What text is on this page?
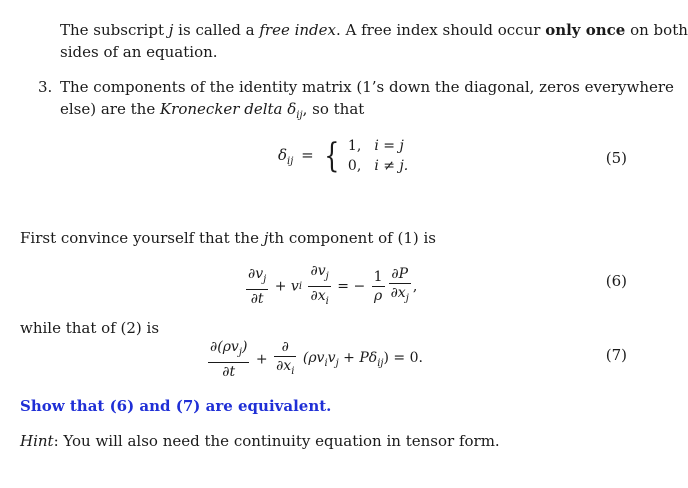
The subscript j is called a free index. A free index should occur only once on both
sides of an equation.
3. The components of the identity matrix (1’s down the diagonal, zeros everywhere
else) are the Kronecker delta $\delta_{ij}$, so that
$\delta_{ij}$ = { 1, i = j
0, i ≠ j.	(5)
First convince yourself that the jth component of (1) is
$\frac{\partial v_j}{\partial t}$ + vi $\frac{\partial v_j}{\partial x_i}$ = − $\frac{1}{\rho} \frac{\partial P}{\partial x_j}$ ,	(6)
while that of (2) is
$\frac{\partial(\rho v_j)}{\partial t} + \frac{\partial}{\partial x_i} (\rho v_iv_j + P\delta_{ij}) = 0$.	(7)
Show that (6) and (7) are equivalent.
Hint: You will also need the continuity equation in tensor form.
